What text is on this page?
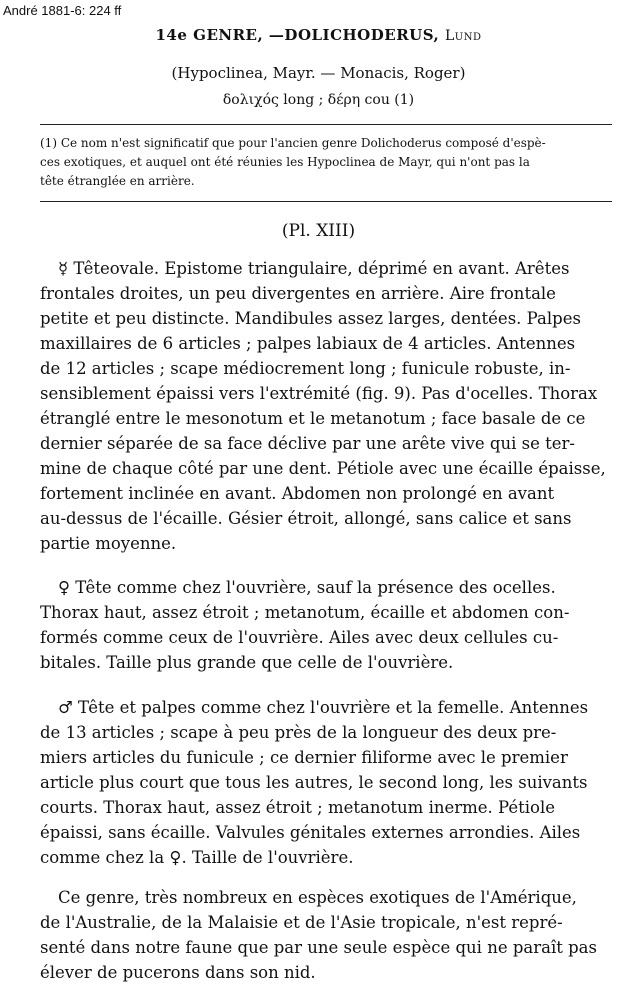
André 1881-6: 224 ff
14e GENRE, —DOLICHODERUS, Lund
(Hypoclinea, Mayr. — Monacis, Roger)
δολιχός long ; δέρη cou (1)
(1) Ce nom n'est significatif que pour l'ancien genre Dolichoderus composé d'espè-
ces exotiques, et auquel ont été réunies les Hypoclinea de Mayr, qui n'ont pas la
tête étranglée en arrière.
(Pl. XIII)
☿ Têteovale. Epistome triangulaire, déprimé en avant. Arêtes
frontales droites, un peu divergentes en arrière. Aire frontale
petite et peu distincte. Mandibules assez larges, dentées. Palpes
maxillaires de 6 articles ; palpes labiaux de 4 articles. Antennes
de 12 articles ; scape médiocrement long ; funicule robuste, in-
sensiblement épaissi vers l'extrémité (fig. 9). Pas d'ocelles. Thorax
étranglé entre le mesonotum et le metanotum ; face basale de ce
dernier séparée de sa face déclive par une arête vive qui se ter-
mine de chaque côté par une dent. Pétiole avec une écaille épaisse,
fortement inclinée en avant. Abdomen non prolongé en avant
au-dessus de l'écaille. Gésier étroit, allongé, sans calice et sans
partie moyenne.
♀ Tête comme chez l'ouvrière, sauf la présence des ocelles.
Thorax haut, assez étroit ; metanotum, écaille et abdomen con-
formés comme ceux de l'ouvrière. Ailes avec deux cellules cu-
bitales. Taille plus grande que celle de l'ouvrière.
♂ Tête et palpes comme chez l'ouvrière et la femelle. Antennes
de 13 articles ; scape à peu près de la longueur des deux pre-
miers articles du funicule ; ce dernier filiforme avec le premier
article plus court que tous les autres, le second long, les suivants
courts. Thorax haut, assez étroit ; metanotum inerme. Pétiole
épaissi, sans écaille. Valvules génitales externes arrondies. Ailes
comme chez la ♀. Taille de l'ouvrière.
Ce genre, très nombreux en espèces exotiques de l'Amérique,
de l'Australie, de la Malaisie et de l'Asie tropicale, n'est repré-
senté dans notre faune que par une seule espèce qui ne paraît pas
élever de pucerons dans son nid.
